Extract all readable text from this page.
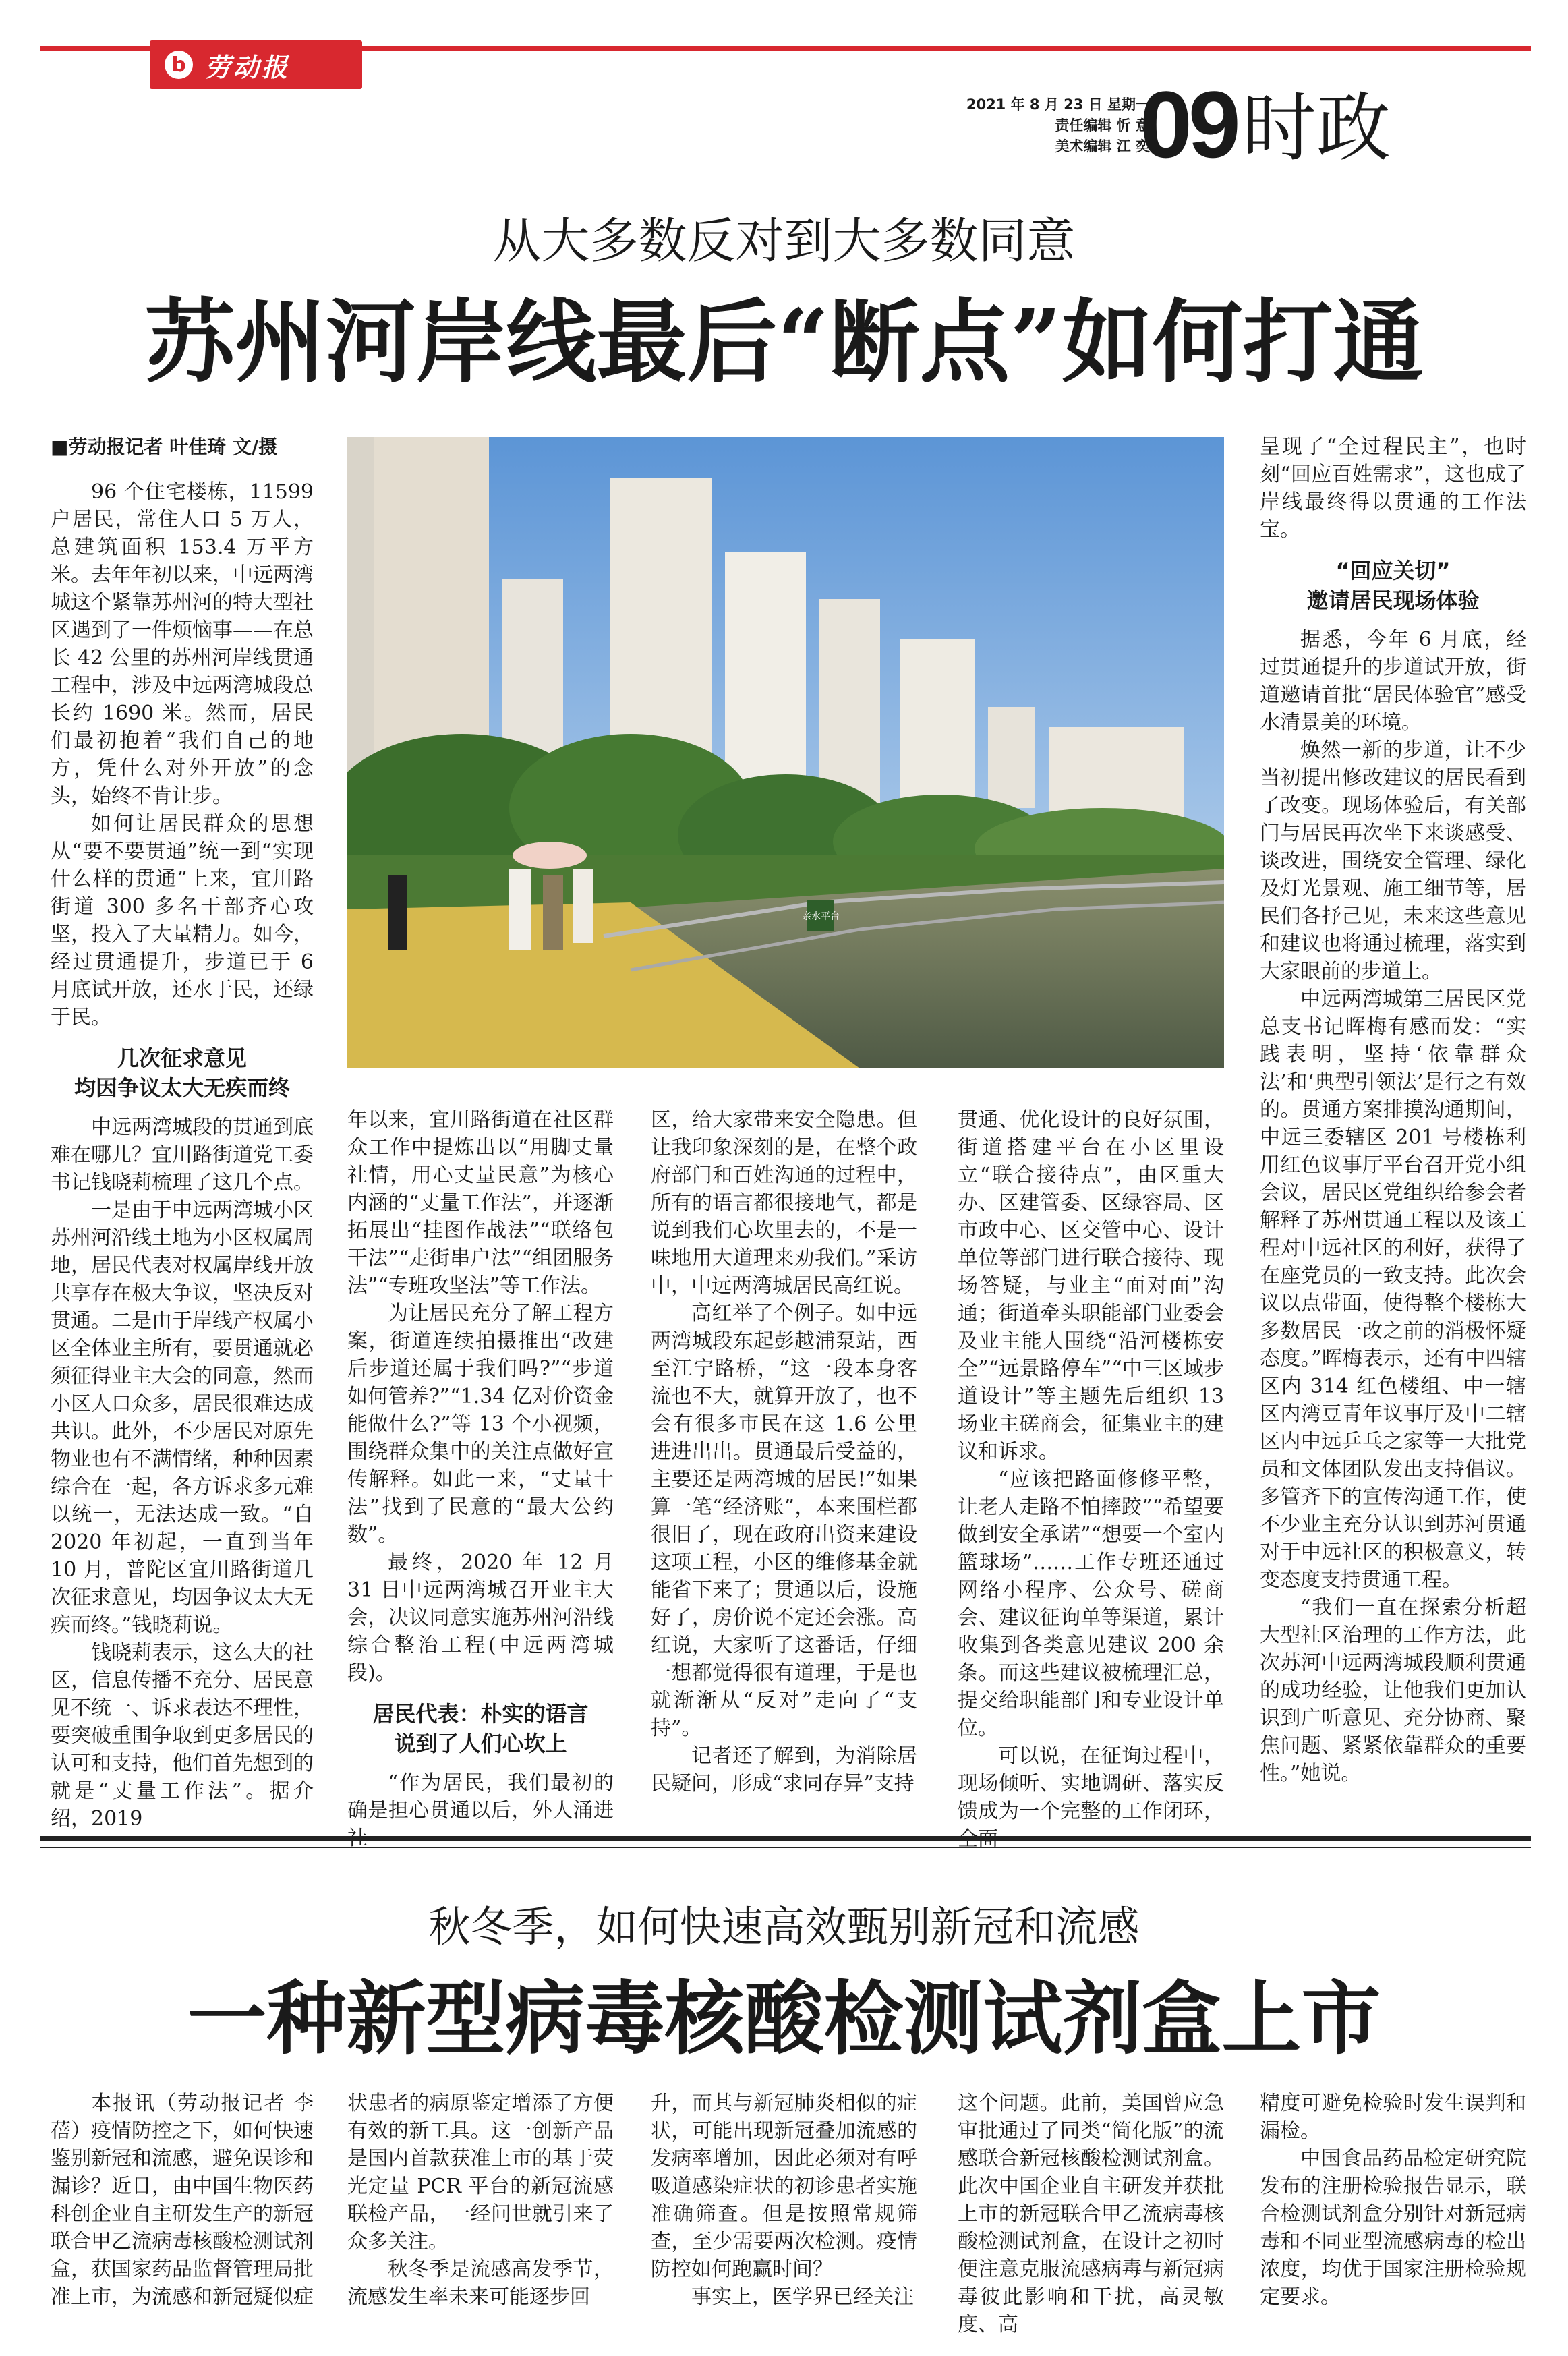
b 劳动报
2021 年 8 月 23 日 星期一
责任编辑 忻 意
美术编辑 江 奕
09 时政
从大多数反对到大多数同意
苏州河岸线最后“断点”如何打通
■劳动报记者 叶佳琦 文/摄

96 个住宅楼栋，11599 户居民，常住人口 5 万人，总建筑面积 153.4 万平方米。去年年初以来，中远两湾城这个紧靠苏州河的特大型社区遇到了一件烦恼事——在总长 42 公里的苏州河岸线贯通工程中，涉及中远两湾城段总长约 1690 米。然而，居民们最初抱着“我们自己的地方，凭什么对外开放”的念头，始终不肯让步。

如何让居民群众的思想从“要不要贯通”统一到“实现什么样的贯通”上来，宜川路街道 300 多名干部齐心攻坚，投入了大量精力。如今，经过贯通提升，步道已于 6 月底试开放，还水于民，还绿于民。

几次征求意见
均因争议太大无疾而终

中远两湾城段的贯通到底难在哪儿？宜川路街道党工委书记钱晓莉梳理了这几个点。

一是由于中远两湾城小区苏州河沿线土地为小区权属周地，居民代表对权属岸线开放共享存在极大争议，坚决反对贯通。二是由于岸线产权属小区全体业主所有，要贯通就必须征得业主大会的同意，然而小区人口众多，居民很难达成共识。此外，不少居民对原先物业也有不满情绪，种种因素综合在一起，各方诉求多元难以统一，无法达成一致。“自 2020 年初起，一直到当年 10 月，普陀区宜川路街道几次征求意见，均因争议太大无疾而终。”钱晓莉说。

钱晓莉表示，这么大的社区，信息传播不充分、居民意见不统一、诉求表达不理性，要突破重围争取到更多居民的认可和支持，他们首先想到的就是“丈量工作法”。据介绍，2019

亲水平台

年以来，宜川路街道在社区群众工作中提炼出以“用脚丈量社情，用心丈量民意”为核心内涵的“丈量工作法”，并逐渐拓展出“挂图作战法”“联络包干法”“走街串户法”“组团服务法”“专班攻坚法”等工作法。

为让居民充分了解工程方案，街道连续拍摄推出“改建后步道还属于我们吗?”“步道如何管养?”“1.34 亿对价资金能做什么?”等 13 个小视频，围绕群众集中的关注点做好宣传解释。如此一来，“丈量十法”找到了民意的“最大公约数”。

最终，2020 年 12 月 31 日中远两湾城召开业主大会，决议同意实施苏州河沿线综合整治工程(中远两湾城段)。

居民代表：朴实的语言
说到了人们心坎上

“作为居民，我们最初的确是担心贯通以后，外人涌进

区，给大家带来安全隐患。但让我印象深刻的是，在整个政府部门和百姓沟通的过程中，所有的语言都很接地气，都是说到我们心坎里去的，不是一味地用大道理来劝我们。”采访中，中远两湾城居民高红说。

高红举了个例子。如中远两湾城段东起彭越浦泵站，西至江宁路桥，“这一段本身客流也不大，就算开放了，也不会有很多市民在这 1.6 公里进进出出。贯通最后受益的，主要还是两湾城的居民!”如果算一笔“经济账”，本来围栏都很旧了，现在政府出资来建设这项工程，小区的维修基金就能省下来了；贯通以后，设施好了，房价说不定还会涨。高红说，大家听了这番话，仔细一想都觉得很有道理，于是也就渐渐从“反对”走向了“支持”。

记者还了解到，为消除居民疑问，形成“求同存异”支持

贯通、优化设计的良好氛围，街道搭建平台在小区里设立“联合接待点”，由区重大办、区建管委、区绿容局、区市政中心、区交管中心、设计单位等部门进行联合接待、现场答疑，与业主“面对面”沟通；街道牵头职能部门业委会及业主能人围绕“沿河楼栋安全”“远景路停车”“中三区域步道设计”等主题先后组织 13 场业主磋商会，征集业主的建议和诉求。

“应该把路面修修平整，让老人走路不怕摔跤”“希望要做到安全承诺”“想要一个室内篮球场”……工作专班还通过网络小程序、公众号、磋商会、建议征询单等渠道，累计收集到各类意见建议 200 余条。而这些建议被梳理汇总，提交给职能部门和专业设计单位。

可以说，在征询过程中，现场倾听、实地调研、落实反馈成为一个完整的工作闭环，

呈现了“全过程民主”，也时刻“回应百姓需求”，这也成了岸线最终得以贯通的工作法宝。

“回应关切”
邀请居民现场体验

据悉，今年 6 月底，经过贯通提升的步道试开放，街道邀请首批“居民体验官”感受水清景美的环境。

焕然一新的步道，让不少当初提出修改建议的居民看到了改变。现场体验后，有关部门与居民再次坐下来谈感受、谈改进，围绕安全管理、绿化及灯光景观、施工细节等，居民们各抒己见，未来这些意见和建议也将通过梳理，落实到大家眼前的步道上。

中远两湾城第三居民区党总支书记晖梅有感而发：“实践表明，坚持‘依靠群众法’和‘典型引领法’是行之有效的。贯通方案排摸沟通期间，中远三委辖区 201 号楼栋利用红色议事厅平台召开党小组会议，居民区党组织给参会者解释了苏州贯通工程以及该工程对中远社区的利好，获得了在座党员的一致支持。此次会议以点带面，使得整个楼栋大多数居民一改之前的消极怀疑态度。”晖梅表示，还有中四辖区内 314 红色楼组、中一辖区内湾豆青年议事厅及中二辖区内中远乒乓之家等一大批党员和文体团队发出支持倡议。多管齐下的宣传沟通工作，使不少业主充分认识到苏河贯通对于中远社区的积极意义，转变态度支持贯通工程。

“我们一直在探索分析超大型社区治理的工作方法，此次苏河中远两湾城段顺利贯通的成功经验，让他我们更加认识到广听意见、充分协商、聚焦问题、紧紧依靠群众的重要性。”她说。

秋冬季，如何快速高效甄别新冠和流感
一种新型病毒核酸检测试剂盒上市

本报讯（劳动报记者 李蓓）疫情防控之下，如何快速鉴别新冠和流感，避免误诊和漏诊？近日，由中国生物医药科创企业自主研发生产的新冠联合甲乙流病毒核酸检测试剂盒，获国家药品监督管理局批准上市，为流感和新冠疑似症

状患者的病原鉴定增添了方便有效的新工具。这一创新产品是国内首款获准上市的基于荧光定量 PCR 平台的新冠流感联检产品，一经问世就引来了众多关注。

秋冬季是流感高发季节，流感发生率未来可能逐步回

升，而其与新冠肺炎相似的症状，可能出现新冠叠加流感的发病率增加，因此必须对有呼吸道感染症状的初诊患者实施准确筛查。但是按照常规筛查，至少需要两次检测。疫情防控如何跑赢时间？

事实上，医学界已经关注

这个问题。此前，美国曾应急审批通过了同类“简化版”的流感联合新冠核酸检测试剂盒。此次中国企业自主研发并获批上市的新冠联合甲乙流病毒核酸检测试剂盒，在设计之初时便注意克服流感病毒与新冠病毒彼此影响和干扰，高灵敏度、高

精度可避免检验时发生误判和漏检。

中国食品药品检定研究院发布的注册检验报告显示，联合检测试剂盒分别针对新冠病毒和不同亚型流感病毒的检出浓度，均优于国家注册检验规定要求。
